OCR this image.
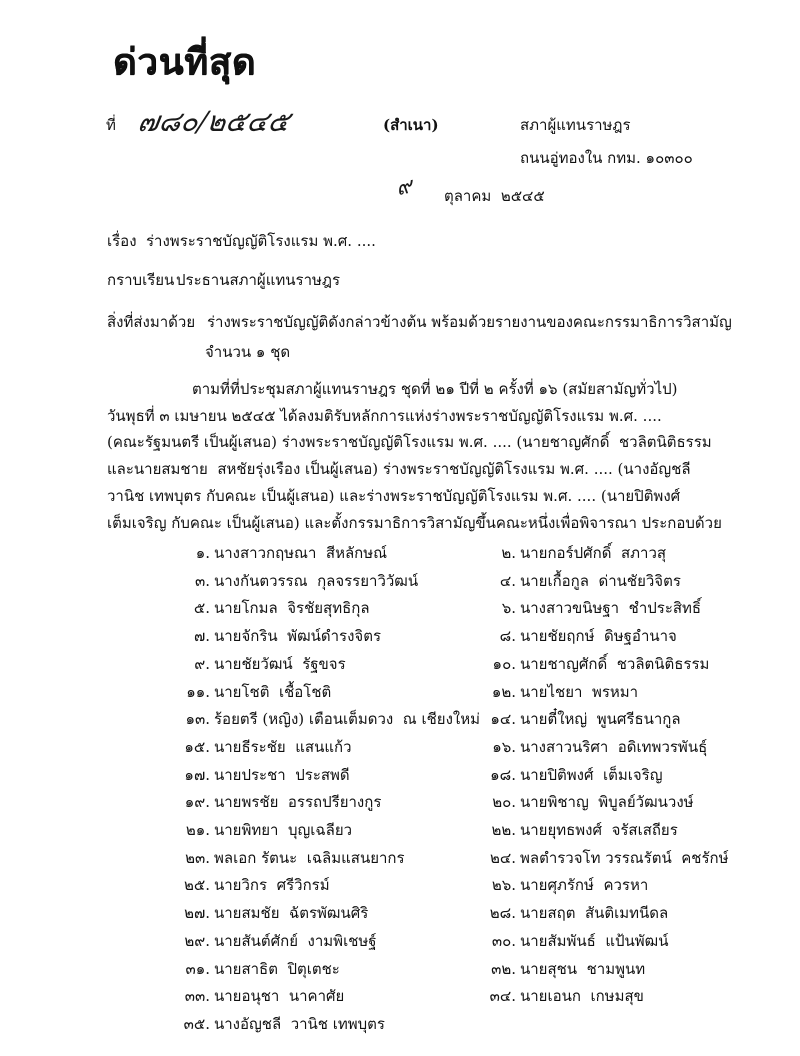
ด่วนที่สุด
ที่ ๗๘๐/๒๕๔๕	(สำเนา)	สภาผู้แทนราษฎร
ถนนอู่ทองใน กทม. ๑๐๓๐๐
๙	ตุลาคม  ๒๕๔๕
เรื่อง ร่างพระราชบัญญัติโรงแรม พ.ศ. ....
กราบเรียน ประธานสภาผู้แทนราษฎร
สิ่งที่ส่งมาด้วย ร่างพระราชบัญญัติดังกล่าวข้างต้น พร้อมด้วยรายงานของคณะกรรมาธิการวิสามัญ
จำนวน ๑ ชุด
ตามที่ที่ประชุมสภาผู้แทนราษฎร ชุดที่ ๒๑ ปีที่ ๒ ครั้งที่ ๑๖ (สมัยสามัญทั่วไป)
วันพุธที่ ๓ เมษายน ๒๕๔๕ ได้ลงมติรับหลักการแห่งร่างพระราชบัญญัติโรงแรม พ.ศ. ....
(คณะรัฐมนตรี เป็นผู้เสนอ) ร่างพระราชบัญญัติโรงแรม พ.ศ. .... (นายชาญศักดิ์  ชวลิตนิติธรรม
และนายสมชาย  สหชัยรุ่งเรือง เป็นผู้เสนอ) ร่างพระราชบัญญัติโรงแรม พ.ศ. .... (นางอัญชลี
วานิช เทพบุตร กับคณะ เป็นผู้เสนอ) และร่างพระราชบัญญัติโรงแรม พ.ศ. .... (นายปิติพงศ์
เต็มเจริญ กับคณะ เป็นผู้เสนอ) และตั้งกรรมาธิการวิสามัญขึ้นคณะหนึ่งเพื่อพิจารณา ประกอบด้วย
๑. นางสาวกฤษณา  สีหลักษณ์	๒. นายกอร์ปศักดิ์  สภาวสุ
๓. นางกันตวรรณ  กุลจรรยาวิวัฒน์	๔. นายเกื้อกูล  ด่านชัยวิจิตร
๕. นายโกมล  จิรชัยสุทธิกุล	๖. นางสาวขนิษฐา  ชำประสิทธิ์
๗. นายจักริน  พัฒน์ดำรงจิตร	๘. นายชัยฤกษ์  ดิษฐอำนาจ
๙. นายชัยวัฒน์  รัฐขจร	๑๐. นายชาญศักดิ์  ชวลิตนิติธรรม
๑๑. นายโชติ  เชื้อโชติ	๑๒. นายไชยา  พรหมา
๑๓. ร้อยตรี (หญิง) เตือนเต็มดวง  ณ เชียงใหม่ ๑๔. นายตี๋ใหญ่  พูนศรีธนากูล
๑๕. นายธีระชัย  แสนแก้ว	๑๖. นางสาวนริศา  อดิเทพวรพันธุ์
๑๗. นายประชา  ประสพดี	๑๘. นายปิติพงศ์  เต็มเจริญ
๑๙. นายพรชัย  อรรถปรียางกูร	๒๐. นายพิชาญ  พิบูลย์วัฒนวงษ์
๒๑. นายพิทยา  บุญเฉลียว	๒๒. นายยุทธพงศ์  จรัสเสถียร
๒๓. พลเอก รัตนะ  เฉลิมแสนยากร	๒๔. พลตำรวจโท วรรณรัตน์  คชรักษ์
๒๕. นายวิกร  ศรีวิกรม์	๒๖. นายศุภรักษ์  ควรหา
๒๗. นายสมชัย  ฉัตรพัฒนศิริ	๒๘. นายสฤต  สันติเมทนีดล
๒๙. นายสันต์ศักย์  งามพิเชษฐ์	๓๐. นายสัมพันธ์  แป้นพัฒน์
๓๑. นายสาธิต  ปิตุเตชะ	๓๒. นายสุชน  ชามพูนท
๓๓. นายอนุชา  นาคาศัย	๓๔. นายเอนก  เกษมสุข
๓๕. นางอัญชลี  วานิช เทพบุตร
